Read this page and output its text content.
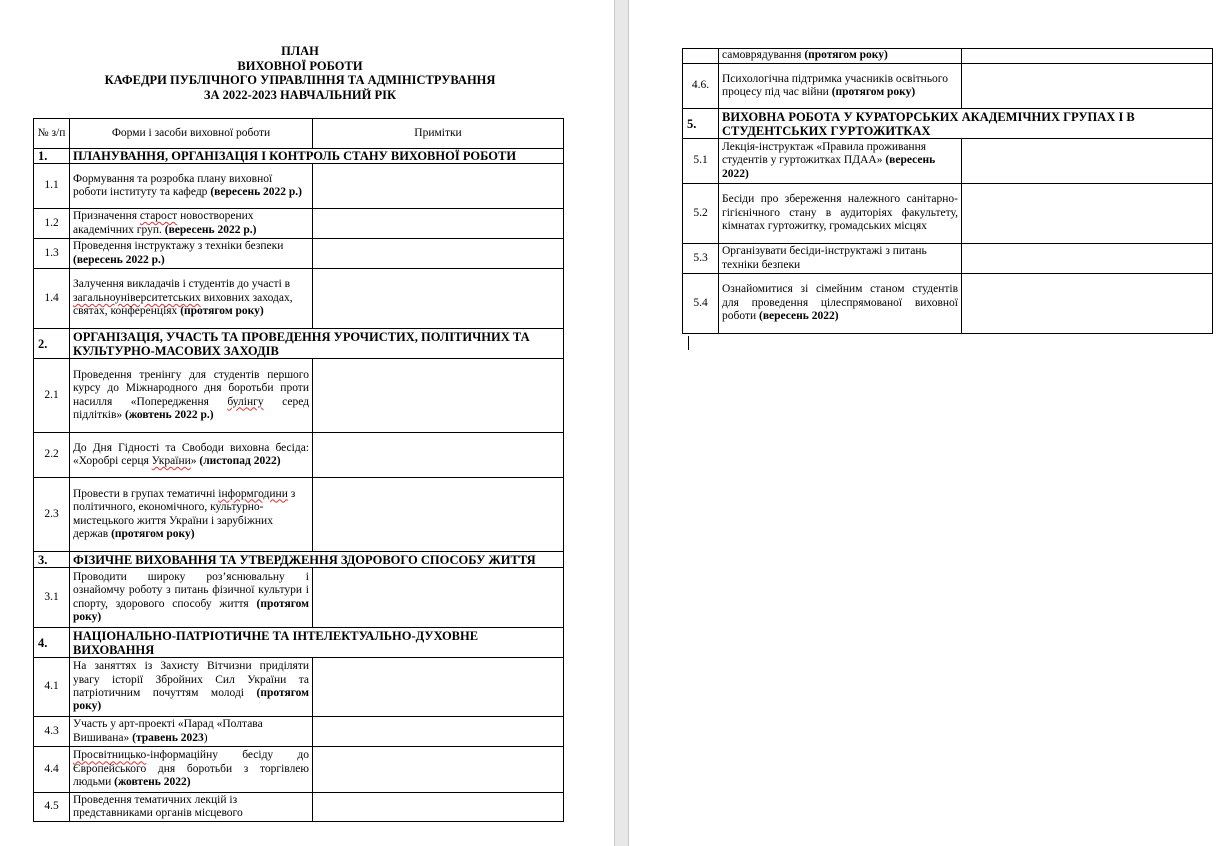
ПЛАН
ВИХОВНОЇ РОБОТИ
КАФЕДРИ ПУБЛІЧНОГО УПРАВЛІННЯ ТА АДМІНІСТРУВАННЯ
ЗА 2022-2023 НАВЧАЛЬНИЙ РІК
№ з/п	Форми і засоби виховної роботи	Примітки
1.	ПЛАНУВАННЯ, ОРГАНІЗАЦІЯ І КОНТРОЛЬ СТАНУ ВИХОВНОЇ РОБОТИ	
1.1	Формування та розробка плану виховної роботи інституту та кафедр (вересень 2022 р.)	
1.2	Призначення старост новостворених академічних груп. (вересень 2022 р.)	
1.3	Проведення інструктажу з техніки безпеки (вересень 2022 р.)	
1.4	Залучення викладачів і студентів до участі в загальноуніверситетських виховних заходах, святах, конференціях (протягом року)	
2.	ОРГАНІЗАЦІЯ, УЧАСТЬ ТА ПРОВЕДЕННЯ УРОЧИСТИХ, ПОЛІТИЧНИХ ТА КУЛЬТУРНО-МАСОВИХ ЗАХОДІВ	
2.1	Проведення тренінгу для студентів першого курсу до Міжнародного дня боротьби проти насилля «Попередження булінгу серед підлітків» (жовтень 2022 р.)	
2.2	До Дня Гідності та Свободи виховна бесіда: «Хоробрі серця України» (листопад 2022)	
2.3	Провести в групах тематичні інформгодини з політичного, економічного, культурно-мистецького життя України і зарубіжних держав (протягом року)	
3.	ФІЗИЧНЕ ВИХОВАННЯ ТА УТВЕРДЖЕННЯ ЗДОРОВОГО СПОСОБУ ЖИТТЯ	
3.1	Проводити широку роз’яснювальну і ознайомчу роботу з питань фізичної культури і спорту, здорового способу життя (протягом року)	
4.	НАЦІОНАЛЬНО-ПАТРІОТИЧНЕ ТА ІНТЕЛЕКТУАЛЬНО-ДУХОВНЕ ВИХОВАННЯ	
4.1	На заняттях із Захисту Вітчизни приділяти увагу історії Збройних Сил України та патріотичним почуттям молоді (протягом року)	
4.3	Участь у арт-проекті «Парад «Полтава Вишивана» (травень 2023)	
4.4	Просвітницько-інформаційну бесіду до Європейського дня боротьби з торгівлею людьми (жовтень 2022)	
4.5	Проведення тематичних лекцій із представниками органів місцевого	
	самоврядування (протягом року)	
4.6.	Психологічна підтримка учасників освітнього процесу під час війни (протягом року)	
5.	ВИХОВНА РОБОТА У КУРАТОРСЬКИХ АКАДЕМІЧНИХ ГРУПАХ І В СТУДЕНТСЬКИХ ГУРТОЖИТКАХ	
5.1	Лекція-інструктаж «Правила проживання студентів у гуртожитках ПДАА» (вересень 2022)	
5.2	Бесіди про збереження належного санітарно-гігієнічного стану в аудиторіях факультету, кімнатах гуртожитку, громадських місцях	
5.3	Організувати бесіди-інструктажі з питань техніки безпеки	
5.4	Ознайомитися зі сімейним станом студентів для проведення цілеспрямованої виховної роботи (вересень 2022)	
